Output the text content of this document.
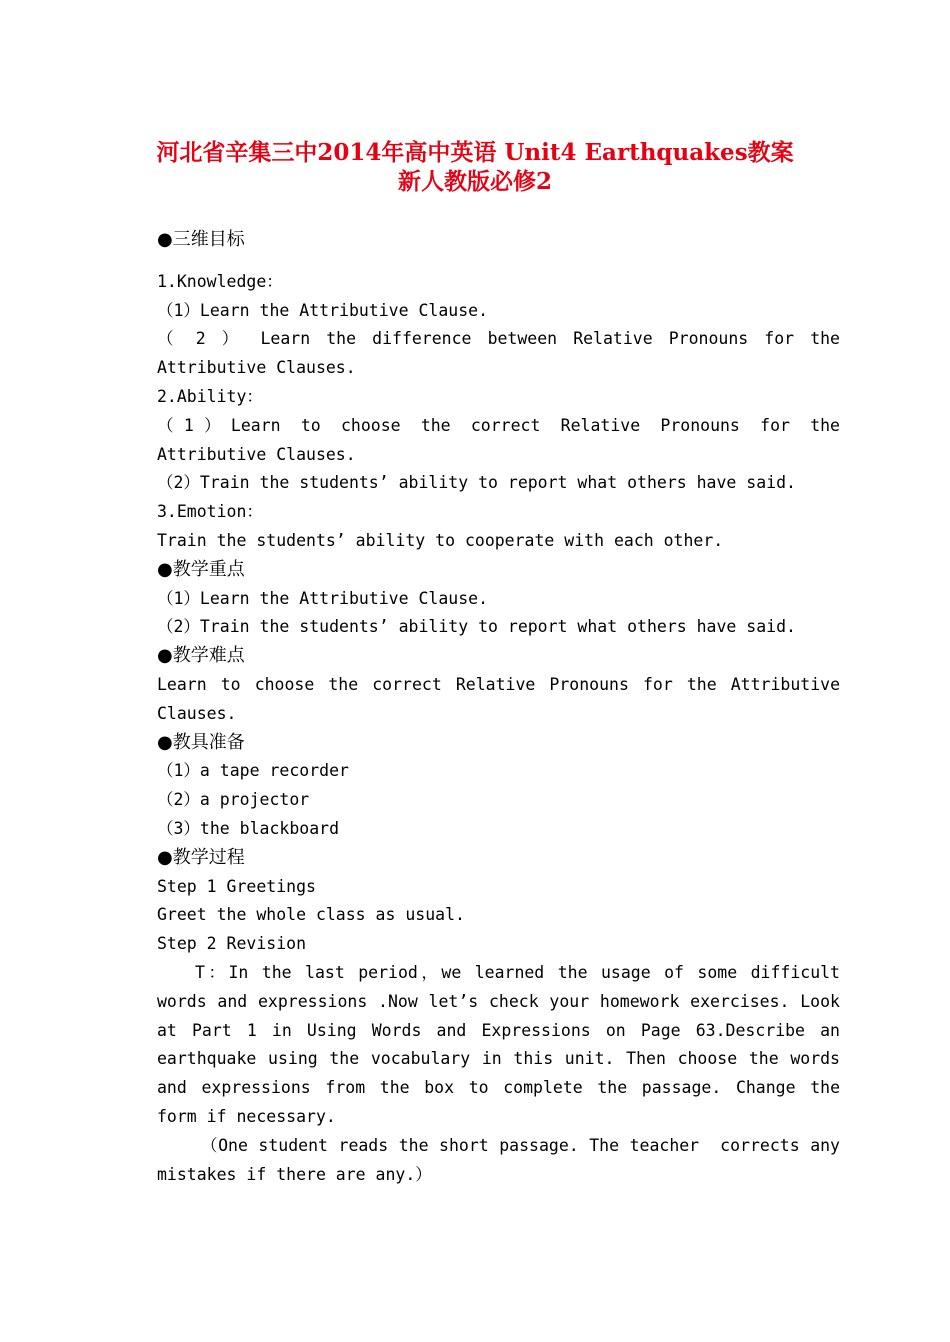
河北省辛集三中2014年高中英语 Unit4 Earthquakes教案
新人教版必修2

●三维目标

1.Knowledge：

（1）Learn the Attributive Clause.

（ 2 ） Learn the difference between Relative Pronouns for the Attributive Clauses.

2.Ability：

（1）Learn to choose the correct Relative Pronouns for the Attributive Clauses.

（2）Train the students’ ability to report what others have said.

3.Emotion：

Train the students’ ability to cooperate with each other.

●教学重点

（1）Learn the Attributive Clause.

（2）Train the students’ ability to report what others have said.

●教学难点

Learn to choose the correct Relative Pronouns for the Attributive Clauses.

●教具准备

（1）a tape recorder

（2）a projector

（3）the blackboard

●教学过程

Step 1 Greetings

Greet the whole class as usual.

Step 2 Revision

T：In the last period，we learned the usage of some difficult words and expressions .Now let’s check your homework exercises. Look at Part 1 in Using Words and Expressions on Page 63.Describe an earthquake using the vocabulary in this unit. Then choose the words and expressions from the box to complete the passage. Change the form if necessary.

（One student reads the short passage. The teacher  corrects any mistakes if there are any.）
